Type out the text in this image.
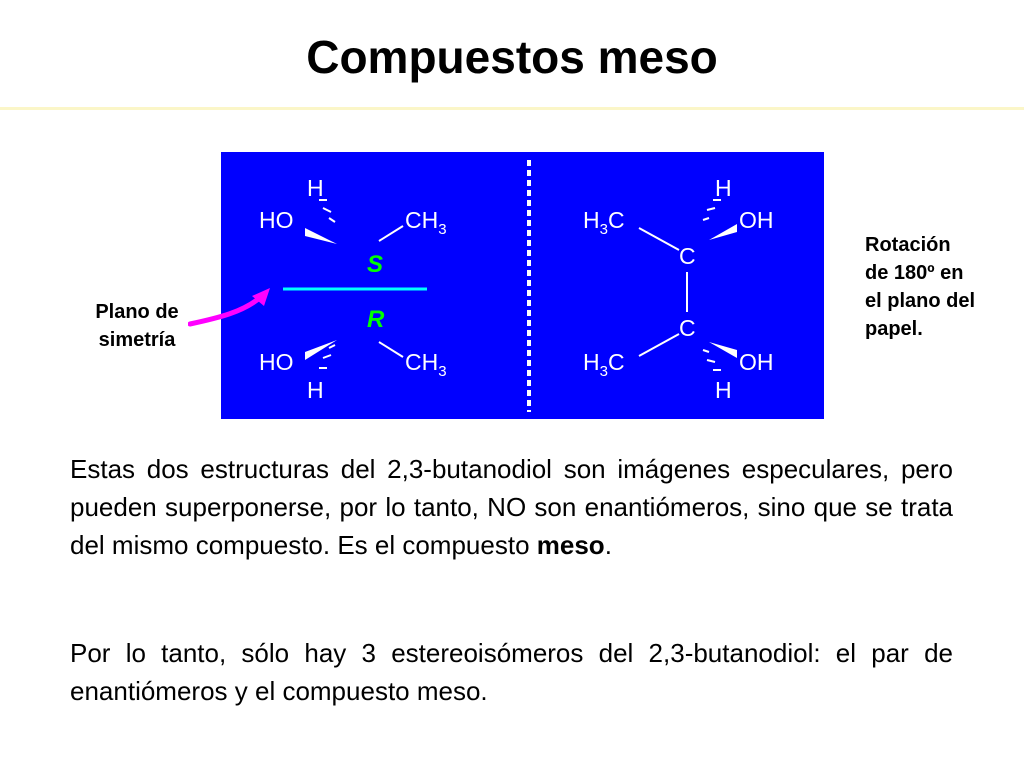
Compuestos meso
H
HO	$CH_3$
S
R
HO
H
$CH_3$
H
$H_3C$	OH
C
C
$H_3C$	OH
H
Plano de
simetría
Rotación
de 180º en
el plano del
papel.
Estas dos estructuras del 2,3-butanodiol son imágenes especulares, pero pueden superponerse, por lo tanto, NO son enantiómeros, sino que se trata del mismo compuesto. Es el compuesto meso.
Por lo tanto, sólo hay 3 estereoisómeros del 2,3-butanodiol: el par de enantiómeros y el compuesto meso.
